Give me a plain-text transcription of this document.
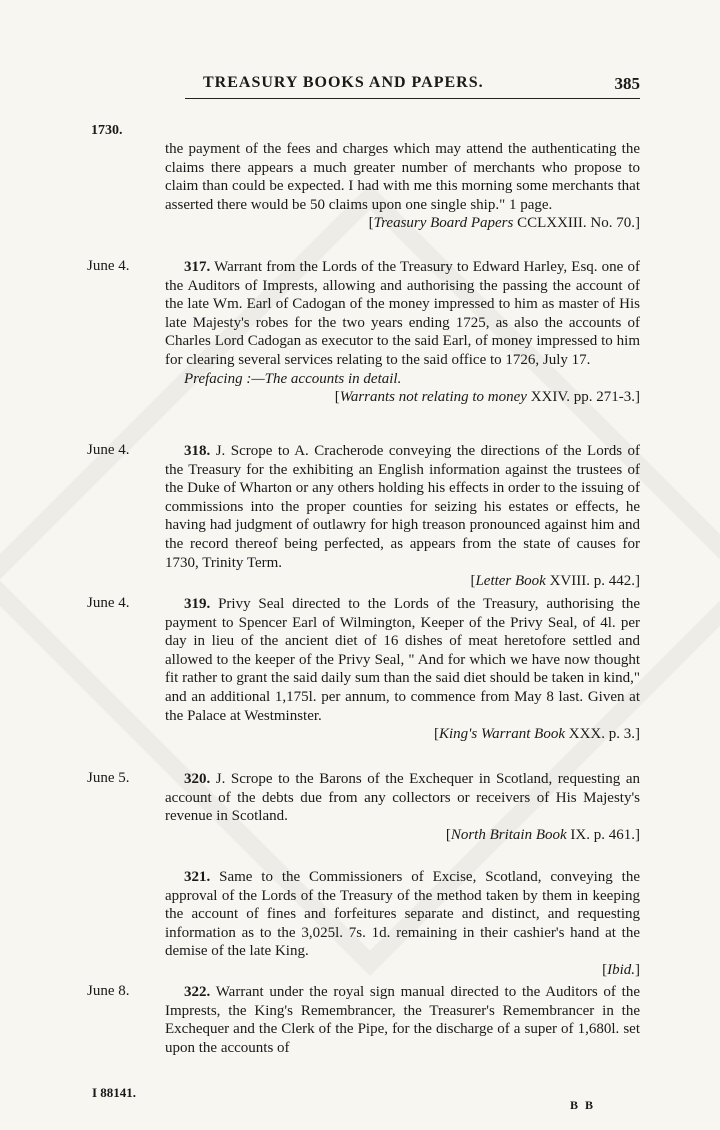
TREASURY BOOKS AND PAPERS.	385
1730.

the payment of the fees and charges which may attend the authenticating the claims there appears a much greater number of merchants who propose to claim than could be expected. I had with me this morning some merchants that asserted there would be 50 claims upon one single ship." 1 page.

[Treasury Board Papers CCLXXIII. No. 70.]
June 4.	317. Warrant from the Lords of the Treasury to Edward Harley, Esq. one of the Auditors of Imprests, allowing and authorising the passing the account of the late Wm. Earl of Cadogan of the money impressed to him as master of His late Majesty's robes for the two years ending 1725, as also the accounts of Charles Lord Cadogan as executor to the said Earl, of money impressed to him for clearing several services relating to the said office to 1726, July 17.

Prefacing :—The accounts in detail.

[Warrants not relating to money XXIV. pp. 271-3.]
June 4.	318. J. Scrope to A. Cracherode conveying the directions of the Lords of the Treasury for the exhibiting an English information against the trustees of the Duke of Wharton or any others holding his effects in order to the issuing of commissions into the proper counties for seizing his estates or effects, he having had judgment of outlawry for high treason pronounced against him and the record thereof being perfected, as appears from the state of causes for 1730, Trinity Term.

[Letter Book XVIII. p. 442.]
June 4.	319. Privy Seal directed to the Lords of the Treasury, authorising the payment to Spencer Earl of Wilmington, Keeper of the Privy Seal, of 4l. per day in lieu of the ancient diet of 16 dishes of meat heretofore settled and allowed to the keeper of the Privy Seal, " And for which we have now thought fit rather to grant the said daily sum than the said diet should be taken in kind," and an additional 1,175l. per annum, to commence from May 8 last. Given at the Palace at Westminster.

[King's Warrant Book XXX. p. 3.]
June 5.	320. J. Scrope to the Barons of the Exchequer in Scotland, requesting an account of the debts due from any collectors or receivers of His Majesty's revenue in Scotland.

[North Britain Book IX. p. 461.]

321. Same to the Commissioners of Excise, Scotland, conveying the approval of the Lords of the Treasury of the method taken by them in keeping the account of fines and forfeitures separate and distinct, and requesting information as to the 3,025l. 7s. 1d. remaining in their cashier's hand at the demise of the late King.

[Ibid.]
June 8.	322. Warrant under the royal sign manual directed to the Auditors of the Imprests, the King's Remembrancer, the Treasurer's Remembrancer in the Exchequer and the Clerk of the Pipe, for the discharge of a super of 1,680l. set upon the accounts of

I 88141.
B B
